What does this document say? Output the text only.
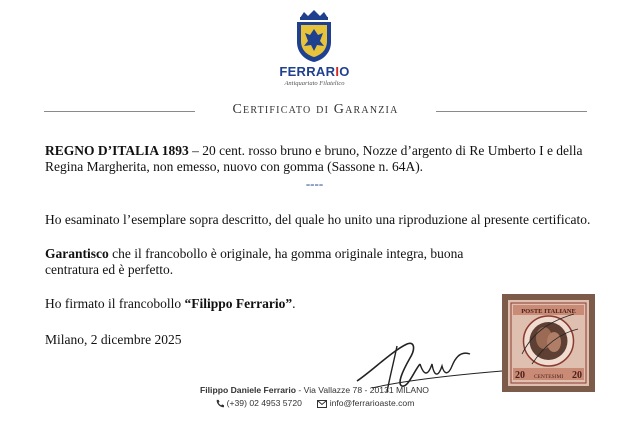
FERRARIO
Antiquariato Filatelico
Certificato di Garanzia
REGNO D’ITALIA 1893 – 20 cent. rosso bruno e bruno, Nozze d’argento di Re Umberto I e della Regina Margherita, non emesso, nuovo con gomma (Sassone n. 64A).
----
Ho esaminato l’esemplare sopra descritto, del quale ho unito una riproduzione al presente certificato.
Garantisco che il francobollo è originale, ha gomma originale integra, buona centratura ed è perfetto.
Ho firmato il francobollo “Filippo Ferrario”.
Milano, 2 dicembre 2025
POSTE ITALIANE
20	20
CENTESIMI
Filippo Daniele Ferrario - Via Vallazze 78 - 20131 MILANO
(+39) 02 4953 5720	info@ferrarioaste.com
